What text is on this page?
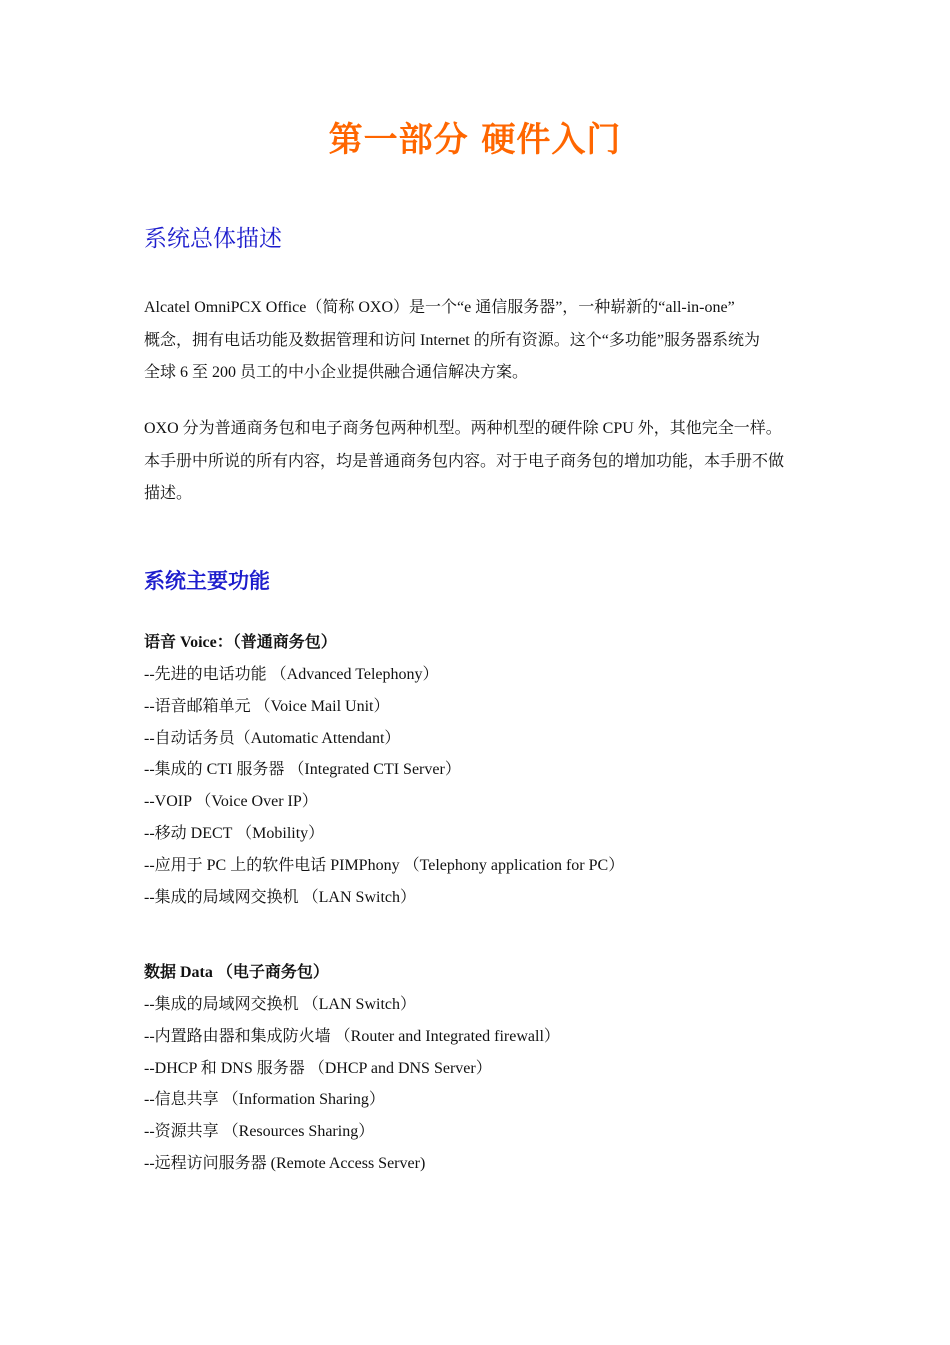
第一部分 硬件入门
系统总体描述

Alcatel OmniPCX Office（简称 OXO）是一个“e 通信服务器”，一种崭新的“all-in-one”
概念，拥有电话功能及数据管理和访问 Internet 的所有资源。这个“多功能”服务器系统为
全球 6 至 200 员工的中小企业提供融合通信解决方案。

OXO 分为普通商务包和电子商务包两种机型。两种机型的硬件除 CPU 外，其他完全一样。
本手册中所说的所有内容，均是普通商务包内容。对于电子商务包的增加功能，本手册不做
描述。

系统主要功能
语音 Voice：（普通商务包）
--先进的电话功能 （Advanced Telephony）
--语音邮箱单元 （Voice Mail Unit）
--自动话务员（Automatic Attendant）
--集成的 CTI 服务器 （Integrated CTI Server）
--VOIP （Voice Over IP）
--移动 DECT （Mobility）
--应用于 PC 上的软件电话 PIMPhony （Telephony application for PC）
--集成的局域网交换机 （LAN Switch）
数据 Data （电子商务包）
--集成的局域网交换机 （LAN Switch）
--内置路由器和集成防火墙 （Router and Integrated firewall）
--DHCP 和 DNS 服务器 （DHCP and DNS Server）
--信息共享 （Information Sharing）
--资源共享 （Resources Sharing）
--远程访问服务器 (Remote Access Server)
